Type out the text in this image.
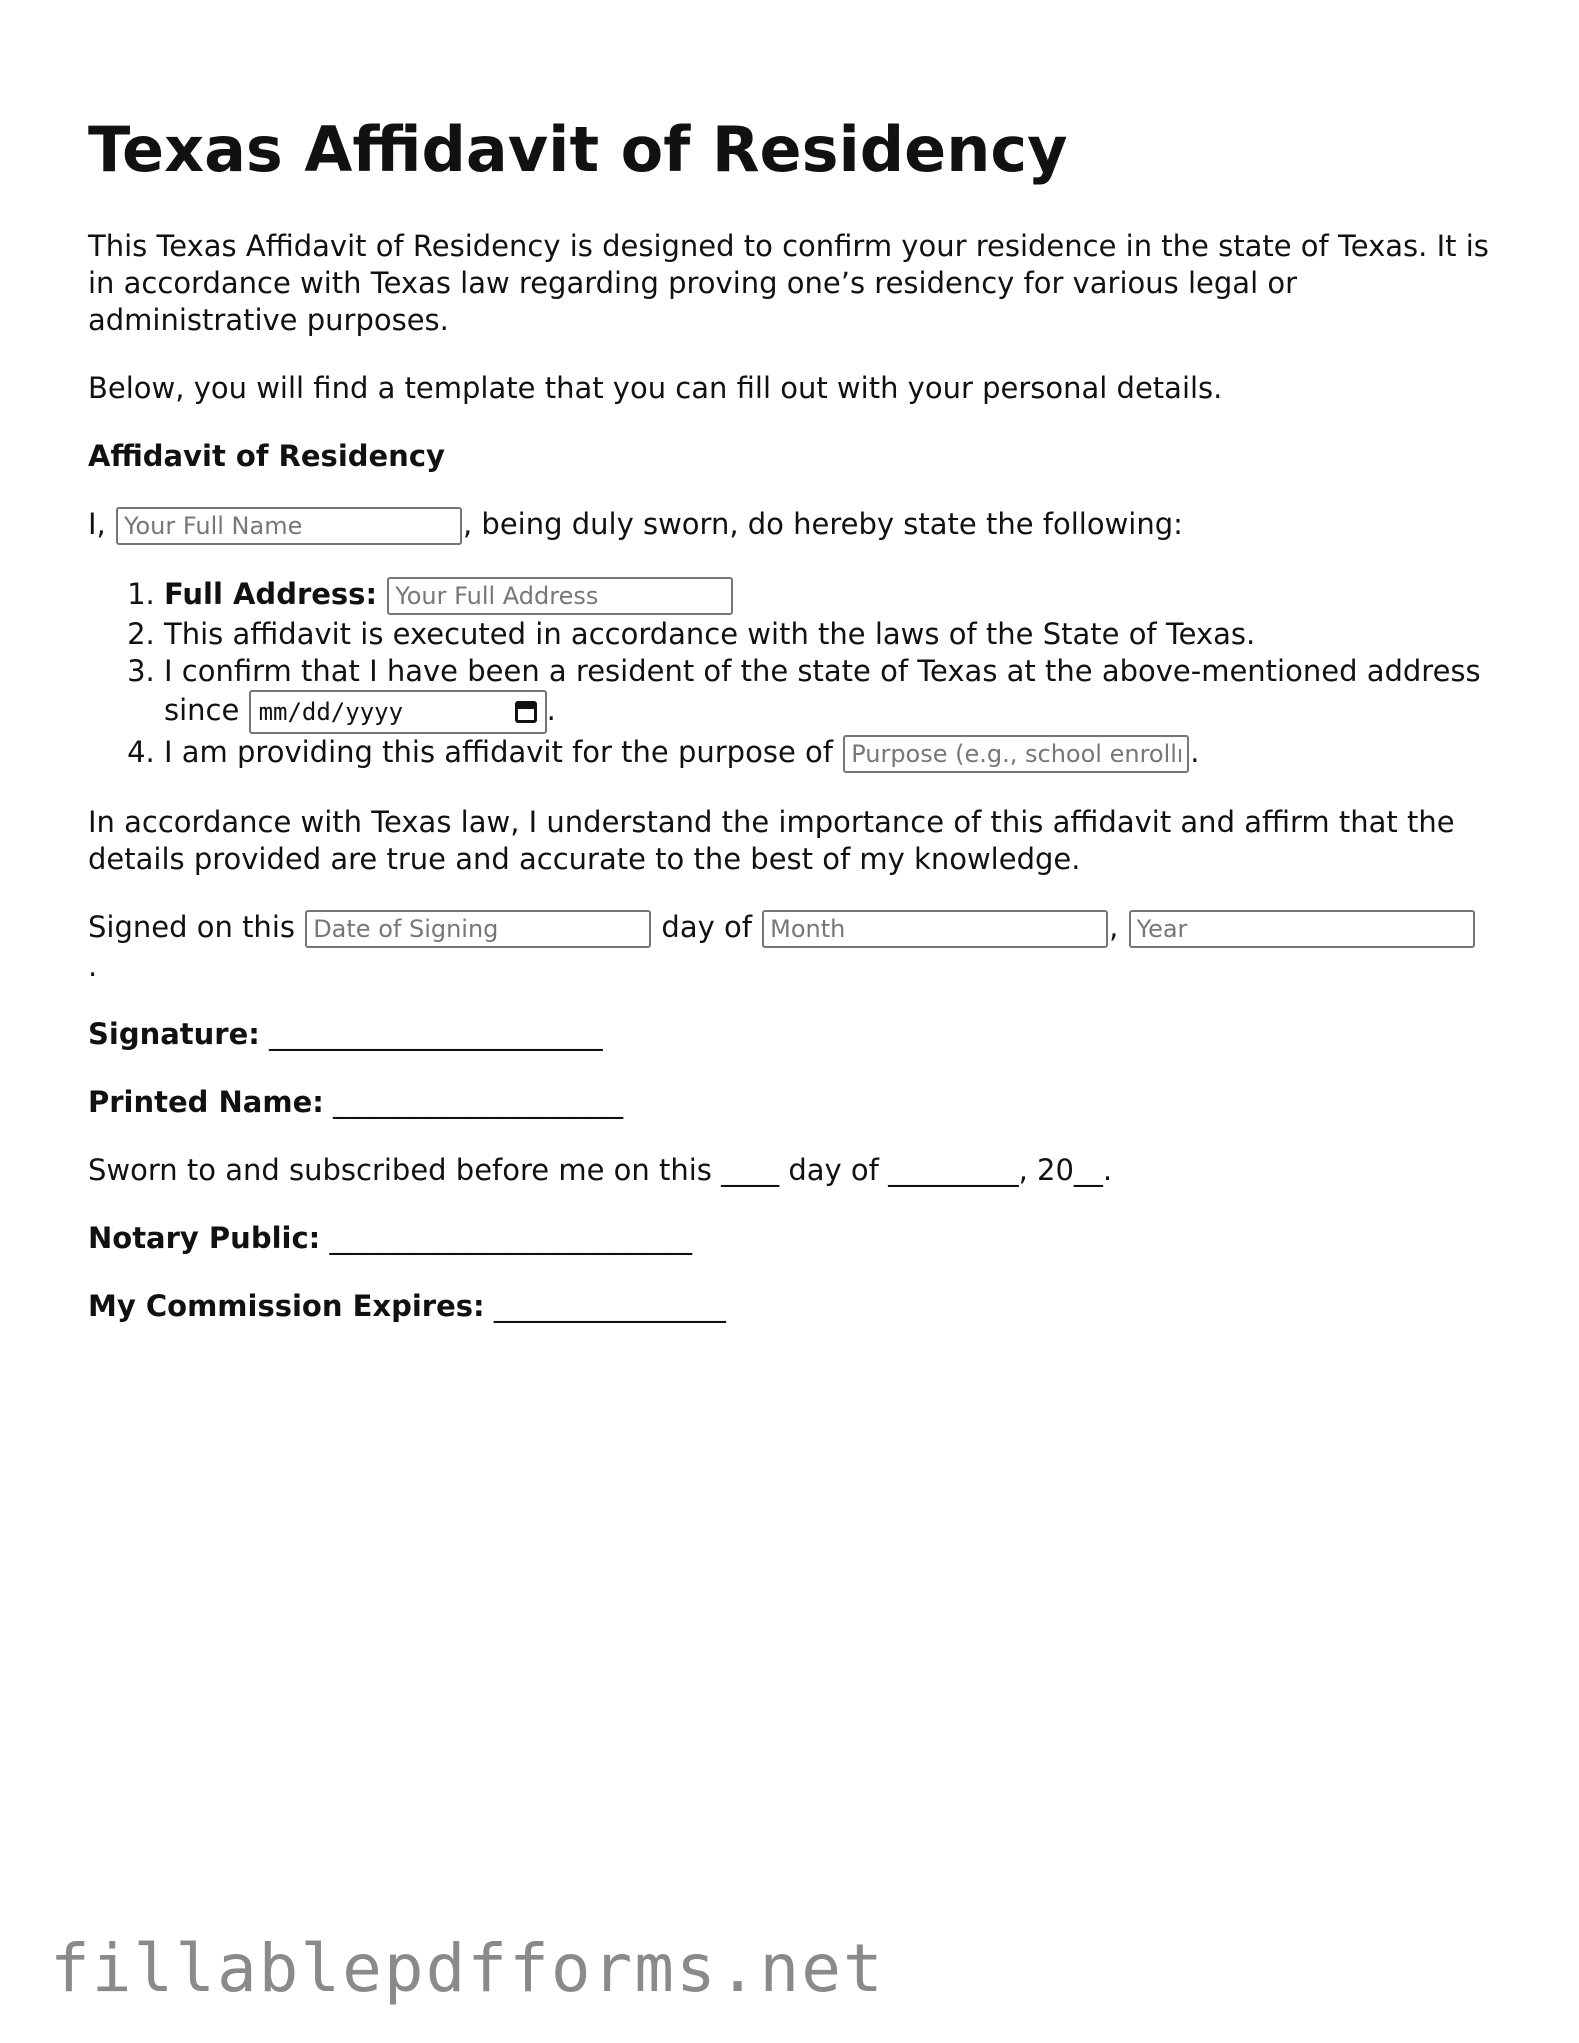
Texas Affidavit of Residency

This Texas Affidavit of Residency is designed to confirm your residence in the state of Texas. It is in accordance with Texas law regarding proving one’s residency for various legal or administrative purposes.

Below, you will find a template that you can fill out with your personal details.

Affidavit of Residency

I, Your Full Name	, being duly sworn, do hereby state the following:

1. Full Address: Your Full Address
2. This affidavit is executed in accordance with the laws of the State of Texas.
3. I confirm that I have been a resident of the state of Texas at the above-mentioned address since mm/dd/yyyy	.
4. I am providing this affidavit for the purpose of Purpose (e.g., school enrollment)	.

In accordance with Texas law, I understand the importance of this affidavit and affirm that the details provided are true and accurate to the best of my knowledge.

Signed on this Date of Signing	day of Month	, Year
.

Signature: _______________________

Printed Name: ____________________

Sworn to and subscribed before me on this ____ day of _________, 20__.

Notary Public: _________________________

My Commission Expires: ________________

fillablepdfforms.net
